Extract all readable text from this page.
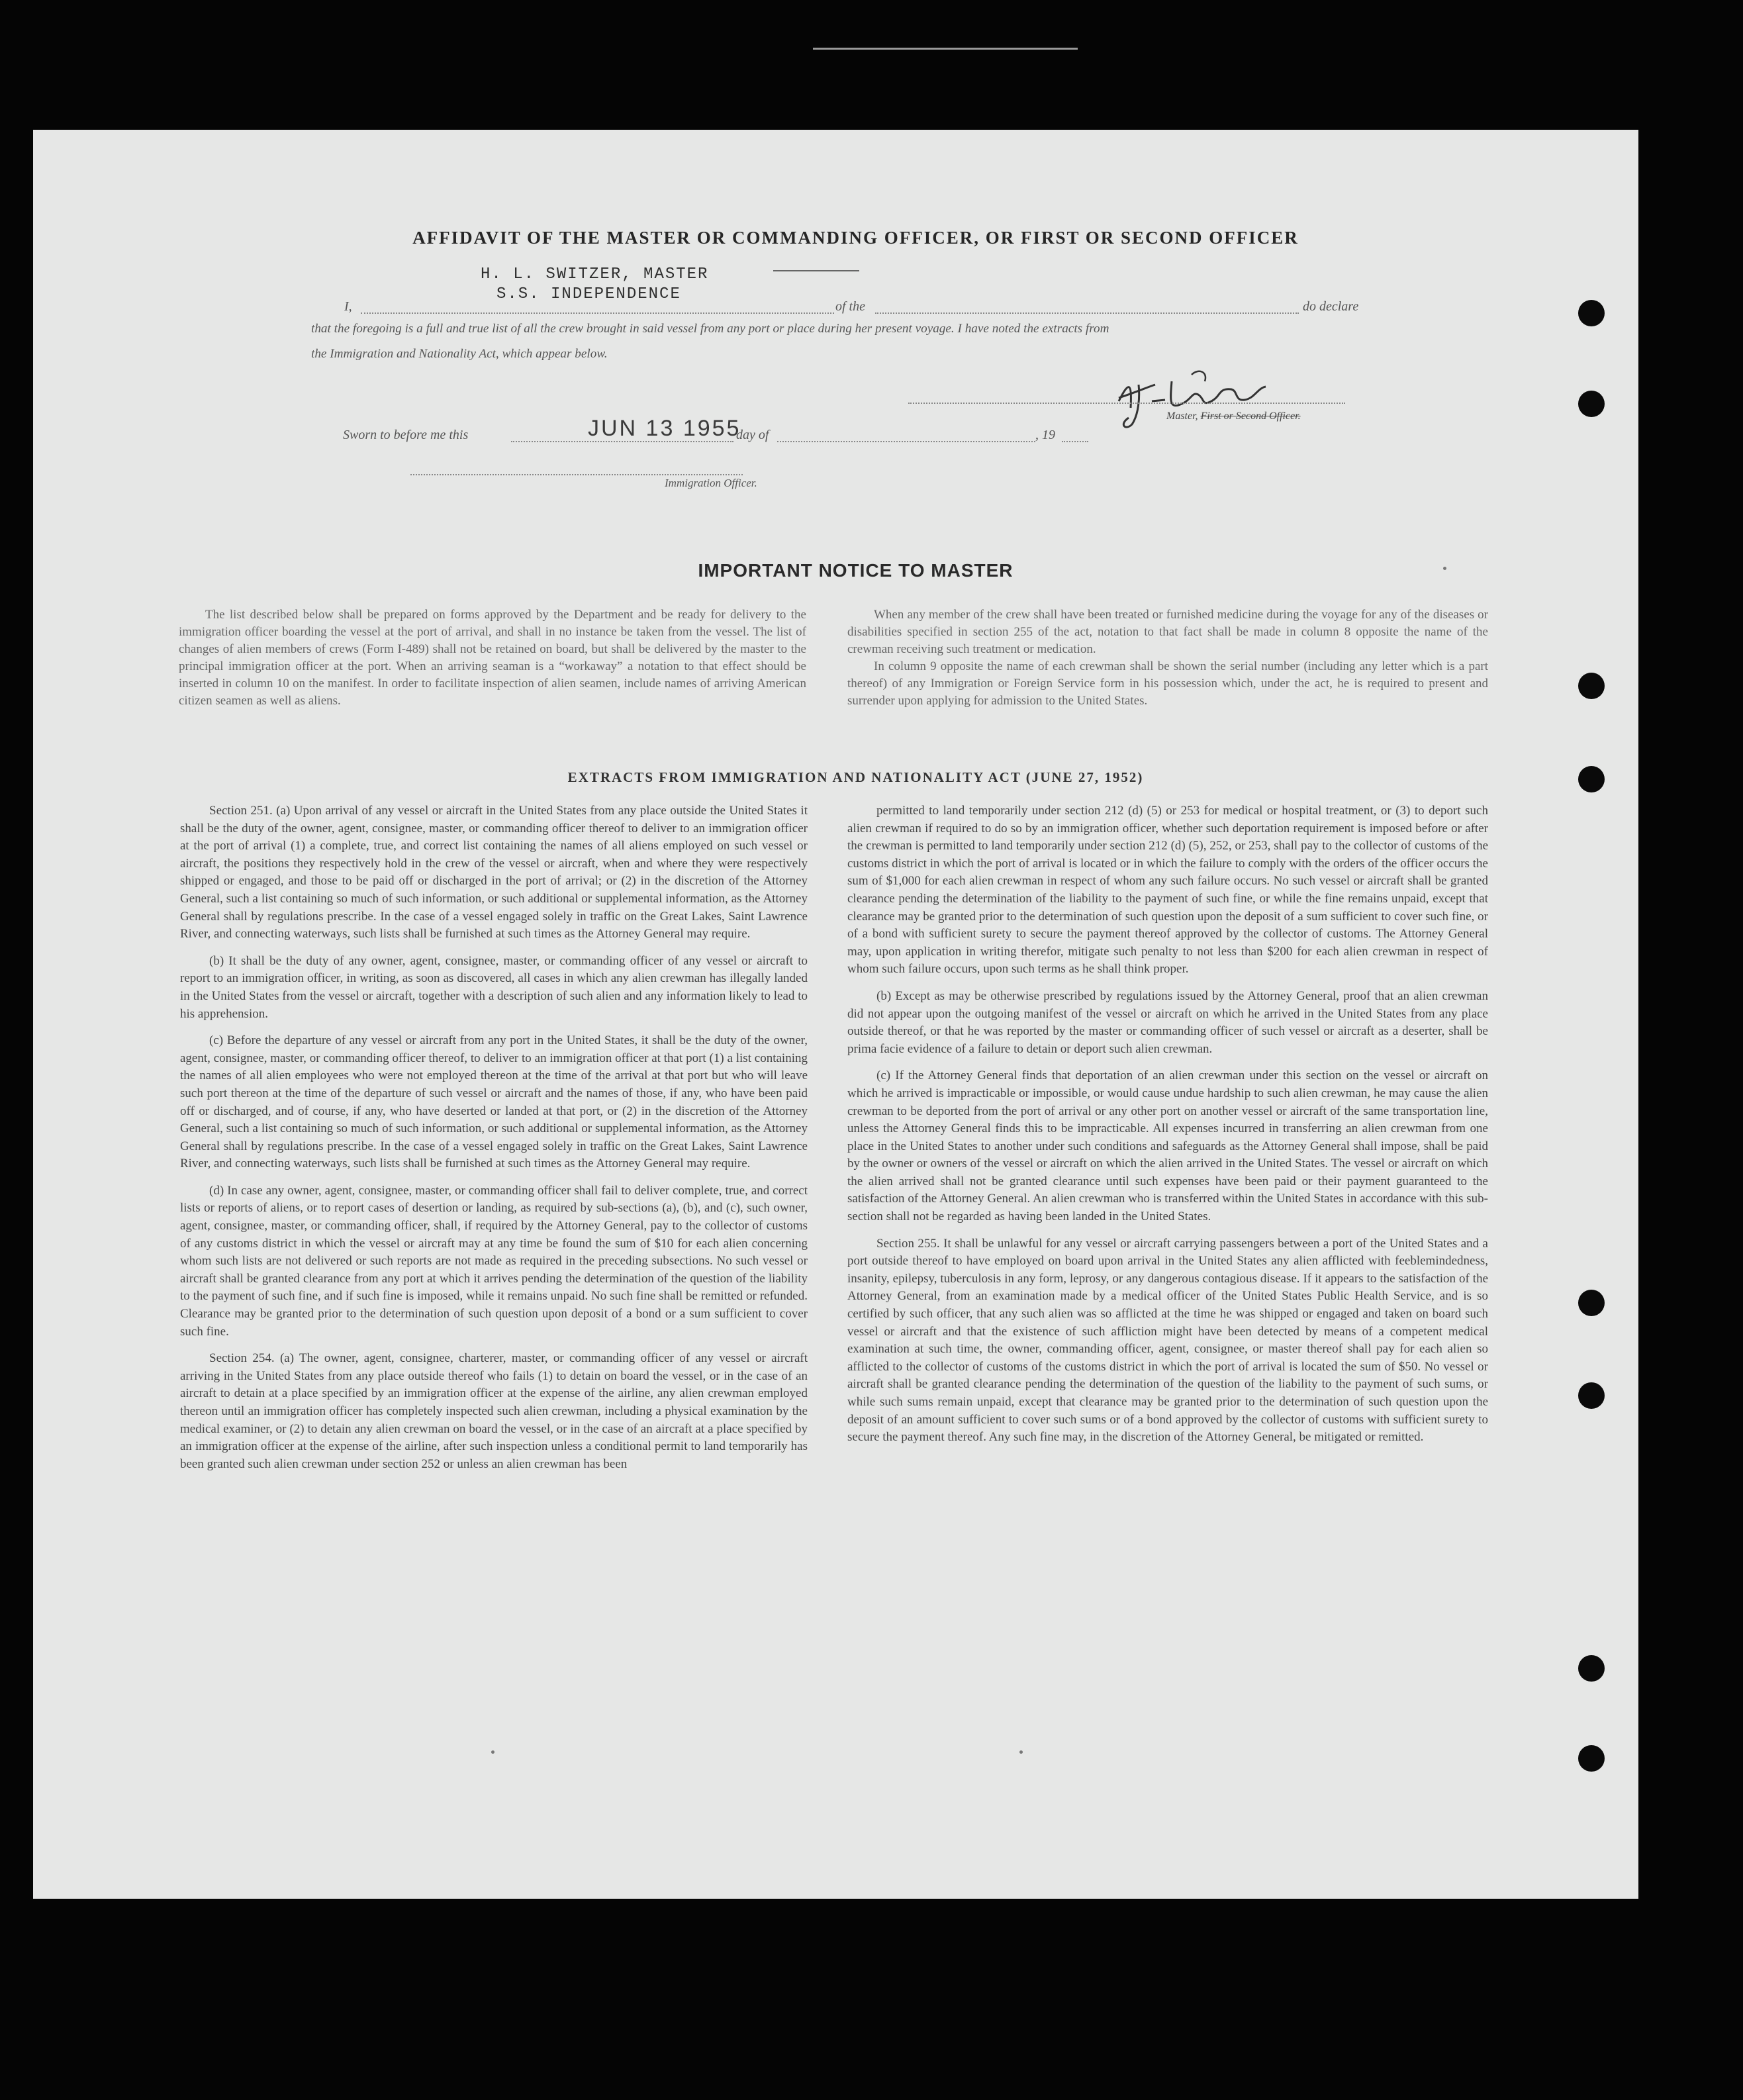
AFFIDAVIT OF THE MASTER OR COMMANDING OFFICER, OR FIRST OR SECOND OFFICER
H. L. SWITZER, MASTER
S.S. INDEPENDENCE
I,	of the	do declare
that the foregoing is a full and true list of all the crew brought in said vessel from any port or place during her present voyage. I have noted the extracts from
the Immigration and Nationality Act, which appear below.
Master, First or Second Officer.
Sworn to before me this	JUN 13 1955
day of	, 19
Immigration Officer.
IMPORTANT NOTICE TO MASTER

The list described below shall be prepared on forms approved by the Department and be ready for delivery to the immigration officer boarding the vessel at the port of arrival, and shall in no instance be taken from the vessel. The list of changes of alien members of crews (Form I-489) shall not be retained on board, but shall be delivered by the master to the principal immigration officer at the port. When an arriving seaman is a “workaway” a notation to that effect should be inserted in column 10 on the manifest. In order to facilitate inspection of alien seamen, include names of arriving American citizen seamen as well as aliens.

When any member of the crew shall have been treated or furnished medicine during the voyage for any of the diseases or disabilities specified in section 255 of the act, notation to that fact shall be made in column 8 opposite the name of the crewman receiving such treatment or medication.

In column 9 opposite the name of each crewman shall be shown the serial number (including any letter which is a part thereof) of any Immigration or Foreign Service form in his possession which, under the act, he is required to present and surrender upon applying for admission to the United States.

EXTRACTS FROM IMMIGRATION AND NATIONALITY ACT (JUNE 27, 1952)

Section 251. (a) Upon arrival of any vessel or aircraft in the United States from any place outside the United States it shall be the duty of the owner, agent, consignee, master, or commanding officer thereof to deliver to an immigration officer at the port of arrival (1) a complete, true, and correct list containing the names of all aliens employed on such vessel or aircraft, the positions they respectively hold in the crew of the vessel or aircraft, when and where they were respectively shipped or engaged, and those to be paid off or discharged in the port of arrival; or (2) in the discretion of the Attorney General, such a list containing so much of such information, or such additional or supplemental information, as the Attorney General shall by regulations prescribe. In the case of a vessel engaged solely in traffic on the Great Lakes, Saint Lawrence River, and connecting waterways, such lists shall be furnished at such times as the Attorney General may require.

(b) It shall be the duty of any owner, agent, consignee, master, or commanding officer of any vessel or aircraft to report to an immigration officer, in writing, as soon as discovered, all cases in which any alien crewman has illegally landed in the United States from the vessel or aircraft, together with a description of such alien and any information likely to lead to his apprehension.

(c) Before the departure of any vessel or aircraft from any port in the United States, it shall be the duty of the owner, agent, consignee, master, or commanding officer thereof, to deliver to an immigration officer at that port (1) a list containing the names of all alien employees who were not employed thereon at the time of the arrival at that port but who will leave such port thereon at the time of the departure of such vessel or aircraft and the names of those, if any, who have been paid off or discharged, and of course, if any, who have deserted or landed at that port, or (2) in the discretion of the Attorney General, such a list containing so much of such information, or such additional or supplemental information, as the Attorney General shall by regulations prescribe. In the case of a vessel engaged solely in traffic on the Great Lakes, Saint Lawrence River, and connecting waterways, such lists shall be furnished at such times as the Attorney General may require.

(d) In case any owner, agent, consignee, master, or commanding officer shall fail to deliver complete, true, and correct lists or reports of aliens, or to report cases of desertion or landing, as required by sub-sections (a), (b), and (c), such owner, agent, consignee, master, or commanding officer, shall, if required by the Attorney General, pay to the collector of customs of any customs district in which the vessel or aircraft may at any time be found the sum of $10 for each alien concerning whom such lists are not delivered or such reports are not made as required in the preceding subsections. No such vessel or aircraft shall be granted clearance from any port at which it arrives pending the determination of the question of the liability to the payment of such fine, and if such fine is imposed, while it remains unpaid. No such fine shall be remitted or refunded. Clearance may be granted prior to the determination of such question upon deposit of a bond or a sum sufficient to cover such fine.

Section 254. (a) The owner, agent, consignee, charterer, master, or commanding officer of any vessel or aircraft arriving in the United States from any place outside thereof who fails (1) to detain on board the vessel, or in the case of an aircraft to detain at a place specified by an immigration officer at the expense of the airline, any alien crewman employed thereon until an immigration officer has completely inspected such alien crewman, including a physical examination by the medical examiner, or (2) to detain any alien crewman on board the vessel, or in the case of an aircraft at a place specified by an immigration officer at the expense of the airline, after such inspection unless a conditional permit to land temporarily has been granted such alien crewman under section 252 or unless an alien crewman has been

permitted to land temporarily under section 212 (d) (5) or 253 for medical or hospital treatment, or (3) to deport such alien crewman if required to do so by an immigration officer, whether such deportation requirement is imposed before or after the crewman is permitted to land temporarily under section 212 (d) (5), 252, or 253, shall pay to the collector of customs of the customs district in which the port of arrival is located or in which the failure to comply with the orders of the officer occurs the sum of $1,000 for each alien crewman in respect of whom any such failure occurs. No such vessel or aircraft shall be granted clearance pending the determination of the liability to the payment of such fine, or while the fine remains unpaid, except that clearance may be granted prior to the determination of such question upon the deposit of a sum sufficient to cover such fine, or of a bond with sufficient surety to secure the payment thereof approved by the collector of customs. The Attorney General may, upon application in writing therefor, mitigate such penalty to not less than $200 for each alien crewman in respect of whom such failure occurs, upon such terms as he shall think proper.

(b) Except as may be otherwise prescribed by regulations issued by the Attorney General, proof that an alien crewman did not appear upon the outgoing manifest of the vessel or aircraft on which he arrived in the United States from any place outside thereof, or that he was reported by the master or commanding officer of such vessel or aircraft as a deserter, shall be prima facie evidence of a failure to detain or deport such alien crewman.

(c) If the Attorney General finds that deportation of an alien crewman under this section on the vessel or aircraft on which he arrived is impracticable or impossible, or would cause undue hardship to such alien crewman, he may cause the alien crewman to be deported from the port of arrival or any other port on another vessel or aircraft of the same transportation line, unless the Attorney General finds this to be impracticable. All expenses incurred in transferring an alien crewman from one place in the United States to another under such conditions and safeguards as the Attorney General shall impose, shall be paid by the owner or owners of the vessel or aircraft on which the alien arrived in the United States. The vessel or aircraft on which the alien arrived shall not be granted clearance until such expenses have been paid or their payment guaranteed to the satisfaction of the Attorney General. An alien crewman who is transferred within the United States in accordance with this sub-section shall not be regarded as having been landed in the United States.

Section 255. It shall be unlawful for any vessel or aircraft carrying passengers between a port of the United States and a port outside thereof to have employed on board upon arrival in the United States any alien afflicted with feeblemindedness, insanity, epilepsy, tuberculosis in any form, leprosy, or any dangerous contagious disease. If it appears to the satisfaction of the Attorney General, from an examination made by a medical officer of the United States Public Health Service, and is so certified by such officer, that any such alien was so afflicted at the time he was shipped or engaged and taken on board such vessel or aircraft and that the existence of such affliction might have been detected by means of a competent medical examination at such time, the owner, commanding officer, agent, consignee, or master thereof shall pay for each alien so afflicted to the collector of customs of the customs district in which the port of arrival is located the sum of $50. No vessel or aircraft shall be granted clearance pending the determination of the question of the liability to the payment of such sums, or while such sums remain unpaid, except that clearance may be granted prior to the determination of such question upon the deposit of an amount sufficient to cover such sums or of a bond approved by the collector of customs with sufficient surety to secure the payment thereof. Any such fine may, in the discretion of the Attorney General, be mitigated or remitted.
